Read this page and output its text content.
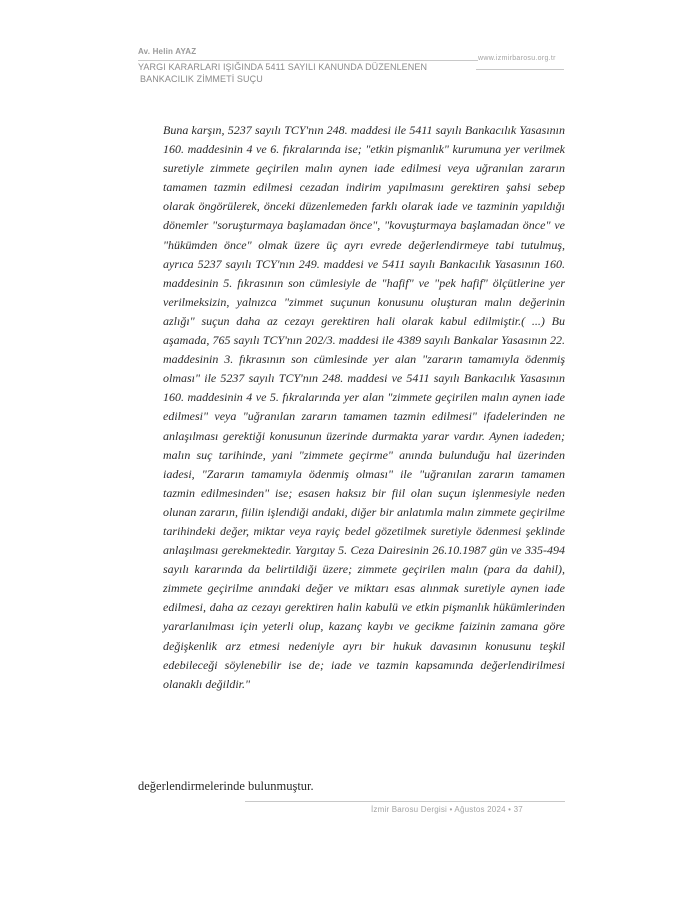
Av. Helin AYAZ
YARGI KARARLARI IŞIĞINDA 5411 SAYILI KANUNDA DÜZENLENEN
BANKACILIK ZİMMETİ SUÇU
www.izmirbarosu.org.tr

Buna karşın, 5237 sayılı TCY'nın 248. maddesi ile 5411 sayılı Bankacılık Yasasının 160. maddesinin 4 ve 6. fıkralarında ise; "etkin pişmanlık" kurumuna yer verilmek suretiyle zimmete geçirilen malın aynen iade edilmesi veya uğranılan zararın tamamen tazmin edilmesi cezadan indirim yapılmasını gerektiren şahsi sebep olarak öngörülerek, önceki düzenlemeden farklı olarak iade ve tazminin yapıldığı dönemler "soruşturmaya başlamadan önce", "kovuşturmaya başlamadan önce" ve "hükümden önce" olmak üzere üç ayrı evrede değerlendirmeye tabi tutulmuş, ayrıca 5237 sayılı TCY'nın 249. maddesi ve 5411 sayılı Bankacılık Yasasının 160. maddesinin 5. fıkrasının son cümlesiyle de "hafif" ve "pek hafif" ölçütlerine yer verilmeksizin, yalnızca "zimmet suçunun konusunu oluşturan malın değerinin azlığı" suçun daha az cezayı gerektiren hali olarak kabul edilmiştir.( ...) Bu aşamada, 765 sayılı TCY'nın 202/3. maddesi ile 4389 sayılı Bankalar Yasasının 22. maddesinin 3. fıkrasının son cümlesinde yer alan "zararın tamamıyla ödenmiş olması" ile 5237 sayılı TCY'nın 248. maddesi ve 5411 sayılı Bankacılık Yasasının 160. maddesinin 4 ve 5. fıkralarında yer alan "zimmete geçirilen malın aynen iade edilmesi" veya "uğranılan zararın tamamen tazmin edilmesi" ifadelerinden ne anlaşılması gerektiği konusunun üzerinde durmakta yarar vardır. Aynen iadeden; malın suç tarihinde, yani "zimmete geçirme" anında bulunduğu hal üzerinden iadesi, "Zararın tamamıyla ödenmiş olması" ile "uğranılan zararın tamamen tazmin edilmesinden" ise; esasen haksız bir fiil olan suçun işlenmesiyle neden olunan zararın, fiilin işlendiği andaki, diğer bir anlatımla malın zimmete geçirilme tarihindeki değer, miktar veya rayiç bedel gözetilmek suretiyle ödenmesi şeklinde anlaşılması gerekmektedir. Yargıtay 5. Ceza Dairesinin 26.10.1987 gün ve 335-494 sayılı kararında da belirtildiği üzere; zimmete geçirilen malın (para da dahil), zimmete geçirilme anındaki değer ve miktarı esas alınmak suretiyle aynen iade edilmesi, daha az cezayı gerektiren halin kabulü ve etkin pişmanlık hükümlerinden yararlanılması için yeterli olup, kazanç kaybı ve gecikme faizinin zamana göre değişkenlik arz etmesi nedeniyle ayrı bir hukuk davasının konusunu teşkil edebileceği söylenebilir ise de; iade ve tazmin kapsamında değerlendirilmesi olanaklı değildir."

değerlendirmelerinde bulunmuştur.

İzmir Barosu Dergisi • Ağustos 2024 • 37
